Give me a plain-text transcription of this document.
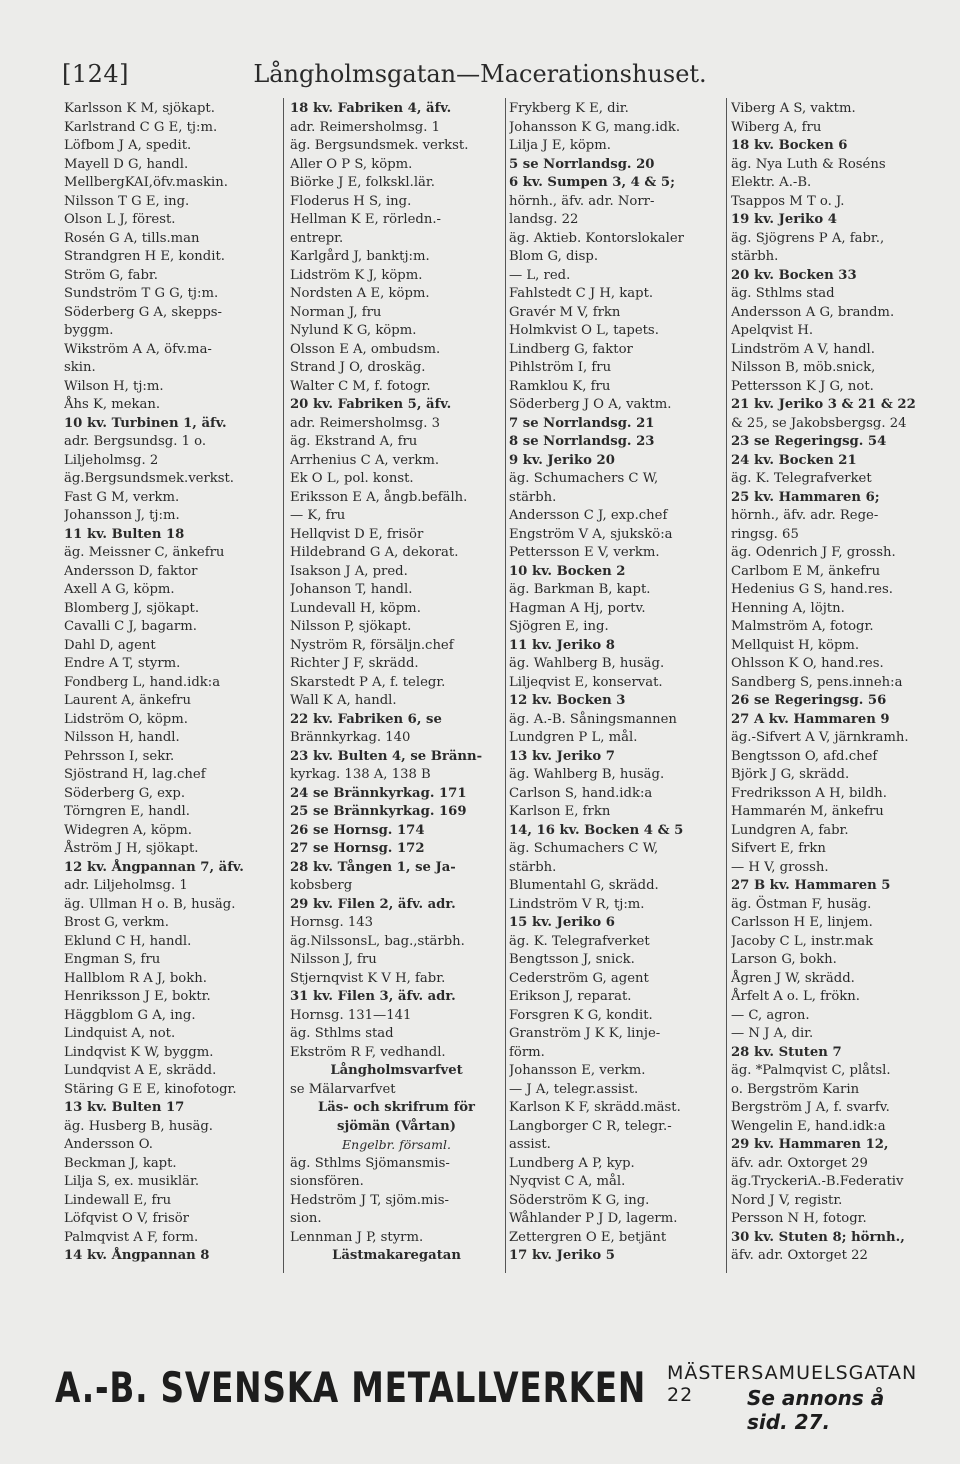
[124]	Långholmsgatan—Macerationshuset.
Karlsson K M, sjökapt.
Karlstrand C G E, tj:m.
Löfbom J A, spedit.
Mayell D G, handl.
MellbergKAI,öfv.maskin.
Nilsson T G E, ing.
Olson L J, förest.
Rosén G A, tills.man
Strandgren H E, kondit.
Ström G, fabr.
Sundström T G G, tj:m.
Söderberg G A, skepps-
byggm.
Wikström A A, öfv.ma-
skin.
Wilson H, tj:m.
Åhs K, mekan.
10 kv. Turbinen 1, äfv.
adr. Bergsundsg. 1 o.
Liljeholmsg. 2
äg.Bergsundsmek.verkst.
Fast G M, verkm.
Johansson J, tj:m.
11 kv. Bulten 18
äg. Meissner C, änkefru
Andersson D, faktor
Axell A G, köpm.
Blomberg J, sjökapt.
Cavalli C J, bagarm.
Dahl D, agent
Endre A T, styrm.
Fondberg L, hand.idk:a
Laurent A, änkefru
Lidström O, köpm.
Nilsson H, handl.
Pehrsson I, sekr.
Sjöstrand H, lag.chef
Söderberg G, exp.
Törngren E, handl.
Widegren A, köpm.
Åström J H, sjökapt.
12 kv. Ångpannan 7, äfv.
adr. Liljeholmsg. 1
äg. Ullman H o. B, husäg.
Brost G, verkm.
Eklund C H, handl.
Engman S, fru
Hallblom R A J, bokh.
Henriksson J E, boktr.
Häggblom G A, ing.
Lindquist A, not.
Lindqvist K W, byggm.
Lundqvist A E, skrädd.
Stäring G E E, kinofotogr.
13 kv. Bulten 17
äg. Husberg B, husäg.
Andersson O.
Beckman J, kapt.
Lilja S, ex. musiklär.
Lindewall E, fru
Löfqvist O V, frisör
Palmqvist A F, form.
14 kv. Ångpannan 8
18 kv. Fabriken 4, äfv.
adr. Reimersholmsg. 1
äg. Bergsundsmek. verkst.
Aller O P S, köpm.
Biörke J E, folkskl.lär.
Floderus H S, ing.
Hellman K E, rörledn.-
entrepr.
Karlgård J, banktj:m.
Lidström K J, köpm.
Nordsten A E, köpm.
Norman J, fru
Nylund K G, köpm.
Olsson E A, ombudsm.
Strand J O, droskäg.
Walter C M, f. fotogr.
20 kv. Fabriken 5, äfv.
adr. Reimersholmsg. 3
äg. Ekstrand A, fru
Arrhenius C A, verkm.
Ek O L, pol. konst.
Eriksson E A, ångb.befälh.
— K, fru
Hellqvist D E, frisör
Hildebrand G A, dekorat.
Isakson J A, pred.
Johanson T, handl.
Lundevall H, köpm.
Nilsson P, sjökapt.
Nyström R, försäljn.chef
Richter J F, skrädd.
Skarstedt P A, f. telegr.
Wall K A, handl.
22 kv. Fabriken 6, se
Brännkyrkag. 140
23 kv. Bulten 4, se Bränn-
kyrkag. 138 A, 138 B
24 se Brännkyrkag. 171
25 se Brännkyrkag. 169
26 se Hornsg. 174
27 se Hornsg. 172
28 kv. Tången 1, se Ja-
kobsberg
29 kv. Filen 2, äfv. adr.
Hornsg. 143
äg.NilssonsL, bag.,stärbh.
Nilsson J, fru
Stjernqvist K V H, fabr.
31 kv. Filen 3, äfv. adr.
Hornsg. 131—141
äg. Sthlms stad
Ekström R F, vedhandl.
Långholmsvarfvet
se Mälarvarfvet
Läs- och skrifrum för
sjömän (Vårtan)
Engelbr. församl.
äg. Sthlms Sjömansmis-
sionsfören.
Hedström J T, sjöm.mis-
sion.
Lennman J P, styrm.
Lästmakaregatan
Frykberg K E, dir.
Johansson K G, mang.idk.
Lilja J E, köpm.
5 se Norrlandsg. 20
6 kv. Sumpen 3, 4 & 5;
hörnh., äfv. adr. Norr-
landsg. 22
äg. Aktieb. Kontorslokaler
Blom G, disp.
— L, red.
Fahlstedt C J H, kapt.
Gravér M V, frkn
Holmkvist O L, tapets.
Lindberg G, faktor
Pihlström I, fru
Ramklou K, fru
Söderberg J O A, vaktm.
7 se Norrlandsg. 21
8 se Norrlandsg. 23
9 kv. Jeriko 20
äg. Schumachers C W,
stärbh.
Andersson C J, exp.chef
Engström V A, sjukskö:a
Pettersson E V, verkm.
10 kv. Bocken 2
äg. Barkman B, kapt.
Hagman A Hj, portv.
Sjögren E, ing.
11 kv. Jeriko 8
äg. Wahlberg B, husäg.
Liljeqvist E, konservat.
12 kv. Bocken 3
äg. A.-B. Såningsmannen
Lundgren P L, mål.
13 kv. Jeriko 7
äg. Wahlberg B, husäg.
Carlson S, hand.idk:a
Karlson E, frkn
14, 16 kv. Bocken 4 & 5
äg. Schumachers C W,
stärbh.
Blumentahl G, skrädd.
Lindström V R, tj:m.
15 kv. Jeriko 6
äg. K. Telegrafverket
Bengtsson J, snick.
Cederström G, agent
Erikson J, reparat.
Forsgren K G, kondit.
Granström J K K, linje-
förm.
Johansson E, verkm.
— J A, telegr.assist.
Karlson K F, skrädd.mäst.
Langborger C R, telegr.-
assist.
Lundberg A P, kyp.
Nyqvist C A, mål.
Söderström K G, ing.
Wåhlander P J D, lagerm.
Zettergren O E, betjänt
17 kv. Jeriko 5
Viberg A S, vaktm.
Wiberg A, fru
18 kv. Bocken 6
äg. Nya Luth & Roséns
Elektr. A.-B.
Tsappos M T o. J.
19 kv. Jeriko 4
äg. Sjögrens P A, fabr.,
stärbh.
20 kv. Bocken 33
äg. Sthlms stad
Andersson A G, brandm.
Apelqvist H.
Lindström A V, handl.
Nilsson B, möb.snick,
Pettersson K J G, not.
21 kv. Jeriko 3 & 21 & 22
& 25, se Jakobsbergsg. 24
23 se Regeringsg. 54
24 kv. Bocken 21
äg. K. Telegrafverket
25 kv. Hammaren 6;
hörnh., äfv. adr. Rege-
ringsg. 65
äg. Odenrich J F, grossh.
Carlbom E M, änkefru
Hedenius G S, hand.res.
Henning A, löjtn.
Malmström A, fotogr.
Mellquist H, köpm.
Ohlsson K O, hand.res.
Sandberg S, pens.inneh:a
26 se Regeringsg. 56
27 A kv. Hammaren 9
äg.-Sifvert A V, järnkramh.
Bengtsson O, afd.chef
Björk J G, skrädd.
Fredriksson A H, bildh.
Hammarén M, änkefru
Lundgren A, fabr.
Sifvert E, frkn
— H V, grossh.
27 B kv. Hammaren 5
äg. Östman F, husäg.
Carlsson H E, linjem.
Jacoby C L, instr.mak
Larson G, bokh.
Ågren J W, skrädd.
Årfelt A o. L, frökn.
— C, agron.
— N J A, dir.
28 kv. Stuten 7
äg. *Palmqvist C, plåtsl.
o. Bergström Karin
Bergström J A, f. svarfv.
Wengelin E, hand.idk:a
29 kv. Hammaren 12,
äfv. adr. Oxtorget 29
äg.TryckeriA.-B.Federativ
Nord J V, registr.
Persson N H, fotogr.
30 kv. Stuten 8; hörnh.,
äfv. adr. Oxtorget 22
A.-B. SVENSKA METALLVERKEN MÄSTERSAMUELSGATAN 22	Se annons å sid. 27.
